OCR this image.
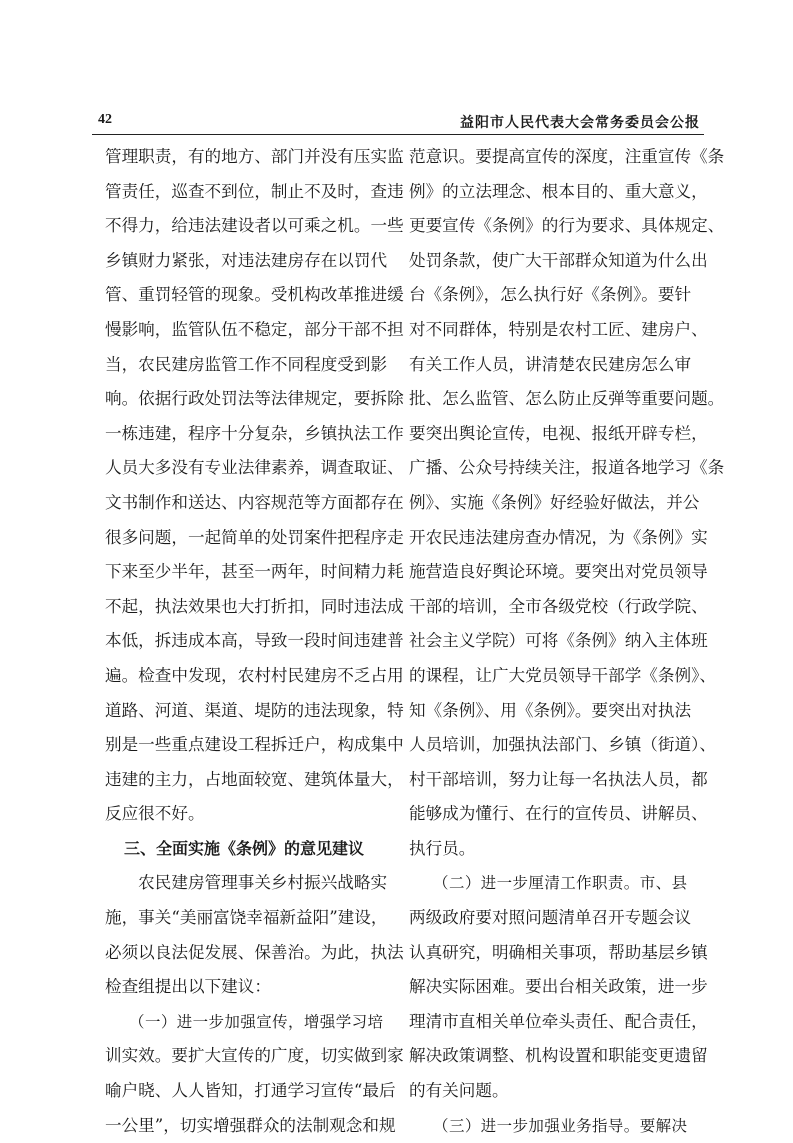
42	益阳市人民代表大会常务委员会公报
管理职责，有的地方、部门并没有压实监
管责任，巡查不到位，制止不及时，查违
不得力，给违法建设者以可乘之机。一些
乡镇财力紧张，对违法建房存在以罚代
管、重罚轻管的现象。受机构改革推进缓
慢影响，监管队伍不稳定，部分干部不担
当，农民建房监管工作不同程度受到影
响。依据行政处罚法等法律规定，要拆除
一栋违建，程序十分复杂，乡镇执法工作
人员大多没有专业法律素养，调查取证、
文书制作和送达、内容规范等方面都存在
很多问题，一起简单的处罚案件把程序走
下来至少半年，甚至一两年，时间精力耗
不起，执法效果也大打折扣，同时违法成
本低，拆违成本高，导致一段时间违建普
遍。检查中发现，农村村民建房不乏占用
道路、河道、渠道、堤防的违法现象，特
别是一些重点建设工程拆迁户，构成集中
违建的主力，占地面较宽、建筑体量大，
反应很不好。
三、全面实施《条例》的意见建议
　　农民建房管理事关乡村振兴战略实
施，事关“美丽富饶幸福新益阳”建设，
必须以良法促发展、保善治。为此，执法
检查组提出以下建议：
　　（一）进一步加强宣传，增强学习培
训实效。要扩大宣传的广度，切实做到家
喻户晓、人人皆知，打通学习宣传“最后
一公里”，切实增强群众的法制观念和规
范意识。要提高宣传的深度，注重宣传《条
例》的立法理念、根本目的、重大意义，
更要宣传《条例》的行为要求、具体规定、
处罚条款，使广大干部群众知道为什么出
台《条例》，怎么执行好《条例》。要针
对不同群体，特别是农村工匠、建房户、
有关工作人员，讲清楚农民建房怎么审
批、怎么监管、怎么防止反弹等重要问题。
要突出舆论宣传，电视、报纸开辟专栏，
广播、公众号持续关注，报道各地学习《条
例》、实施《条例》好经验好做法，并公
开农民违法建房查办情况，为《条例》实
施营造良好舆论环境。要突出对党员领导
干部的培训，全市各级党校（行政学院、
社会主义学院）可将《条例》纳入主体班
的课程，让广大党员领导干部学《条例》、
知《条例》、用《条例》。要突出对执法
人员培训，加强执法部门、乡镇（街道）、
村干部培训，努力让每一名执法人员，都
能够成为懂行、在行的宣传员、讲解员、
执行员。
　　（二）进一步厘清工作职责。市、县
两级政府要对照问题清单召开专题会议
认真研究，明确相关事项，帮助基层乡镇
解决实际困难。要出台相关政策，进一步
理清市直相关单位牵头责任、配合责任，
解决政策调整、机构设置和职能变更遗留
的有关问题。
　　（三）进一步加强业务指导。要解决
